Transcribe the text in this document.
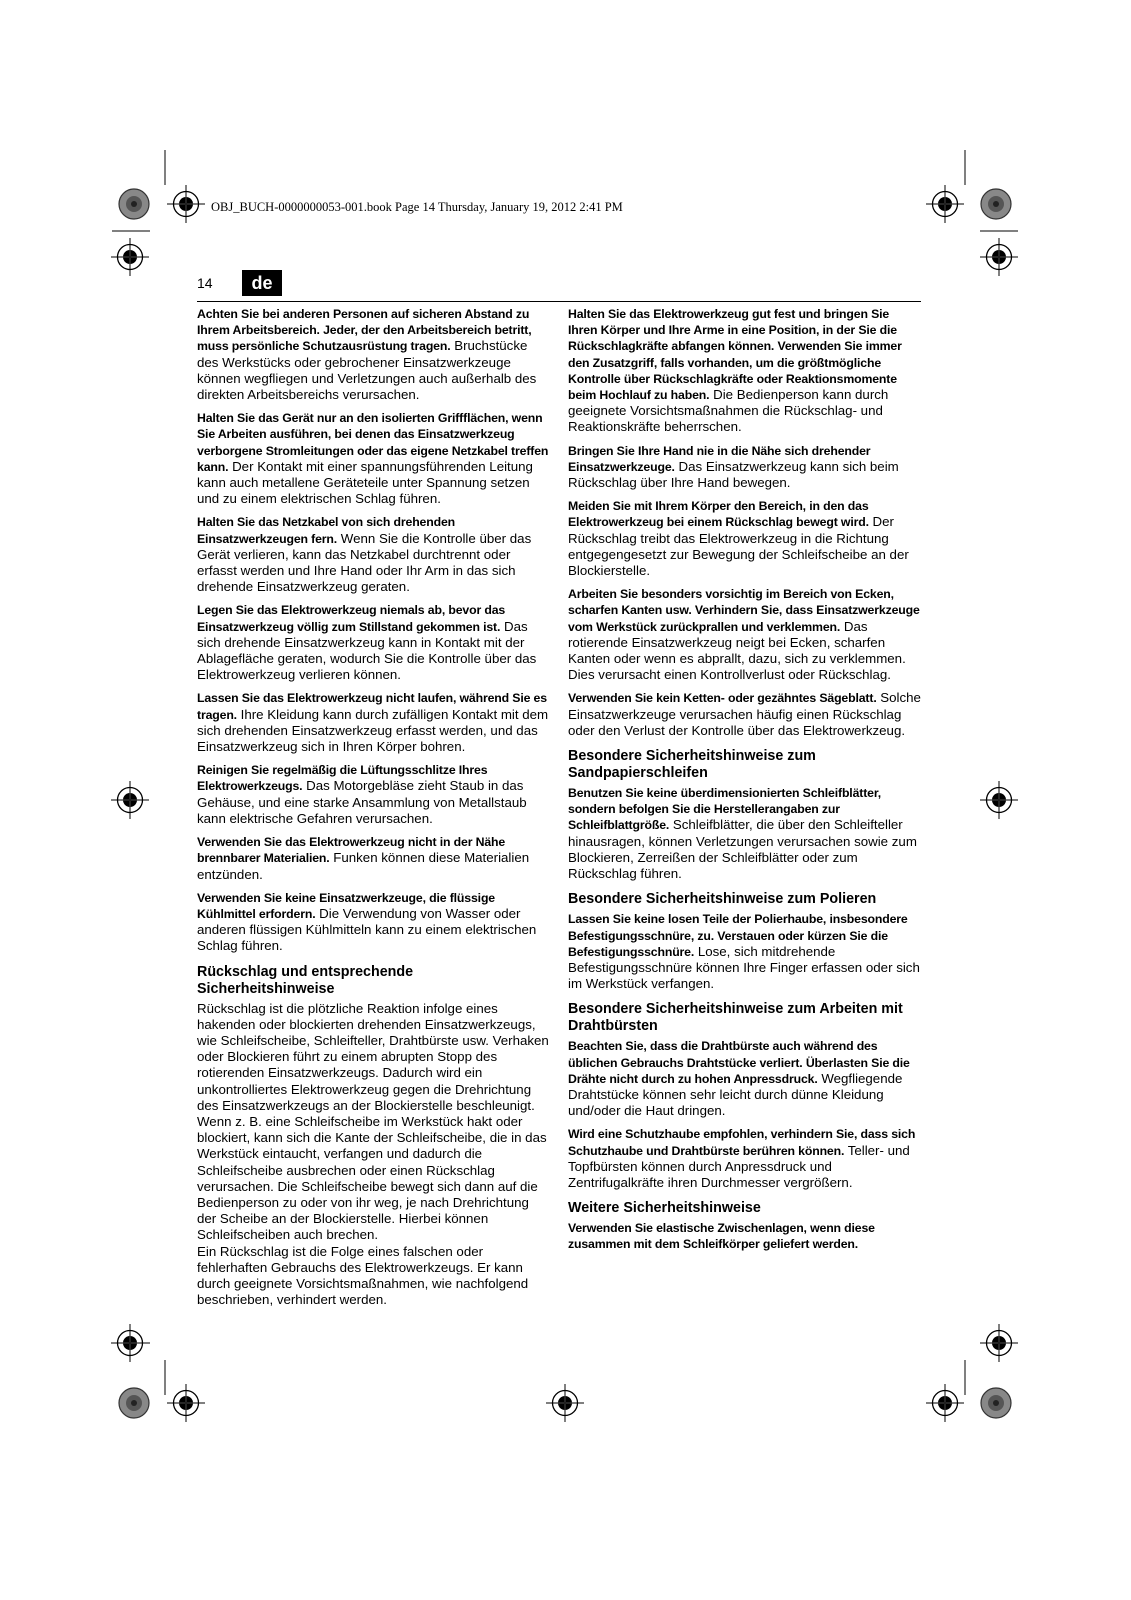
OBJ_BUCH-0000000053-001.book Page 14 Thursday, January 19, 2012 2:41 PM
14	de

Achten Sie bei anderen Personen auf sicheren Abstand zu Ihrem Arbeitsbereich. Jeder, der den Arbeitsbereich betritt, muss persönliche Schutzausrüstung tragen. Bruchstücke des Werkstücks oder gebrochener Einsatzwerkzeuge können wegfliegen und Verletzungen auch außerhalb des direkten Arbeitsbereichs verursachen.

Halten Sie das Gerät nur an den isolierten Griffflächen, wenn Sie Arbeiten ausführen, bei denen das Einsatzwerkzeug verborgene Stromleitungen oder das eigene Netzkabel treffen kann. Der Kontakt mit einer spannungsführenden Leitung kann auch metallene Geräteteile unter Spannung setzen und zu einem elektrischen Schlag führen.

Halten Sie das Netzkabel von sich drehenden Einsatzwerkzeugen fern. Wenn Sie die Kontrolle über das Gerät verlieren, kann das Netzkabel durchtrennt oder erfasst werden und Ihre Hand oder Ihr Arm in das sich drehende Einsatzwerkzeug geraten.

Legen Sie das Elektrowerkzeug niemals ab, bevor das Einsatzwerkzeug völlig zum Stillstand gekommen ist. Das sich drehende Einsatzwerkzeug kann in Kontakt mit der Ablagefläche geraten, wodurch Sie die Kontrolle über das Elektrowerkzeug verlieren können.

Lassen Sie das Elektrowerkzeug nicht laufen, während Sie es tragen. Ihre Kleidung kann durch zufälligen Kontakt mit dem sich drehenden Einsatzwerkzeug erfasst werden, und das Einsatzwerkzeug sich in Ihren Körper bohren.

Reinigen Sie regelmäßig die Lüftungsschlitze Ihres Elektrowerkzeugs. Das Motorgebläse zieht Staub in das Gehäuse, und eine starke Ansammlung von Metallstaub kann elektrische Gefahren verursachen.

Verwenden Sie das Elektrowerkzeug nicht in der Nähe brennbarer Materialien. Funken können diese Materialien entzünden.

Verwenden Sie keine Einsatzwerkzeuge, die flüssige Kühlmittel erfordern. Die Verwendung von Wasser oder anderen flüssigen Kühlmitteln kann zu einem elektrischen Schlag führen.

Rückschlag und entsprechende Sicherheitshinweise

Rückschlag ist die plötzliche Reaktion infolge eines hakenden oder blockierten drehenden Einsatzwerkzeugs, wie Schleifscheibe, Schleifteller, Drahtbürste usw. Verhaken oder Blockieren führt zu einem abrupten Stopp des rotierenden Einsatzwerkzeugs. Dadurch wird ein unkontrolliertes Elektrowerkzeug gegen die Drehrichtung des Einsatzwerkzeugs an der Blockierstelle beschleunigt.

Wenn z. B. eine Schleifscheibe im Werkstück hakt oder blockiert, kann sich die Kante der Schleifscheibe, die in das Werkstück eintaucht, verfangen und dadurch die Schleifscheibe ausbrechen oder einen Rückschlag verursachen. Die Schleifscheibe bewegt sich dann auf die Bedienperson zu oder von ihr weg, je nach Drehrichtung der Scheibe an der Blockierstelle. Hierbei können Schleifscheiben auch brechen.

Ein Rückschlag ist die Folge eines falschen oder fehlerhaften Gebrauchs des Elektrowerkzeugs. Er kann durch geeignete Vorsichtsmaßnahmen, wie nachfolgend beschrieben, verhindert werden.

Halten Sie das Elektrowerkzeug gut fest und bringen Sie Ihren Körper und Ihre Arme in eine Position, in der Sie die Rückschlagkräfte abfangen können. Verwenden Sie immer den Zusatzgriff, falls vorhanden, um die größtmögliche Kontrolle über Rückschlagkräfte oder Reaktionsmomente beim Hochlauf zu haben. Die Bedienperson kann durch geeignete Vorsichtsmaßnahmen die Rückschlag- und Reaktionskräfte beherrschen.

Bringen Sie Ihre Hand nie in die Nähe sich drehender Einsatzwerkzeuge. Das Einsatzwerkzeug kann sich beim Rückschlag über Ihre Hand bewegen.

Meiden Sie mit Ihrem Körper den Bereich, in den das Elektrowerkzeug bei einem Rückschlag bewegt wird. Der Rückschlag treibt das Elektrowerkzeug in die Richtung entgegengesetzt zur Bewegung der Schleifscheibe an der Blockierstelle.

Arbeiten Sie besonders vorsichtig im Bereich von Ecken, scharfen Kanten usw. Verhindern Sie, dass Einsatzwerkzeuge vom Werkstück zurückprallen und verklemmen. Das rotierende Einsatzwerkzeug neigt bei Ecken, scharfen Kanten oder wenn es abprallt, dazu, sich zu verklemmen. Dies verursacht einen Kontrollverlust oder Rückschlag.

Verwenden Sie kein Ketten- oder gezähntes Sägeblatt. Solche Einsatzwerkzeuge verursachen häufig einen Rückschlag oder den Verlust der Kontrolle über das Elektrowerkzeug.

Besondere Sicherheitshinweise zum Sandpapierschleifen

Benutzen Sie keine überdimensionierten Schleifblätter, sondern befolgen Sie die Herstellerangaben zur Schleifblattgröße. Schleifblätter, die über den Schleifteller hinausragen, können Verletzungen verursachen sowie zum Blockieren, Zerreißen der Schleifblätter oder zum Rückschlag führen.

Besondere Sicherheitshinweise zum Polieren

Lassen Sie keine losen Teile der Polierhaube, insbesondere Befestigungsschnüre, zu. Verstauen oder kürzen Sie die Befestigungsschnüre. Lose, sich mitdrehende Befestigungsschnüre können Ihre Finger erfassen oder sich im Werkstück verfangen.

Besondere Sicherheitshinweise zum Arbeiten mit Drahtbürsten

Beachten Sie, dass die Drahtbürste auch während des üblichen Gebrauchs Drahtstücke verliert. Überlasten Sie die Drähte nicht durch zu hohen Anpressdruck. Wegfliegende Drahtstücke können sehr leicht durch dünne Kleidung und/oder die Haut dringen.

Wird eine Schutzhaube empfohlen, verhindern Sie, dass sich Schutzhaube und Drahtbürste berühren können. Teller- und Topfbürsten können durch Anpressdruck und Zentrifugalkräfte ihren Durchmesser vergrößern.

Weitere Sicherheitshinweise

Verwenden Sie elastische Zwischenlagen, wenn diese zusammen mit dem Schleifkörper geliefert werden.
